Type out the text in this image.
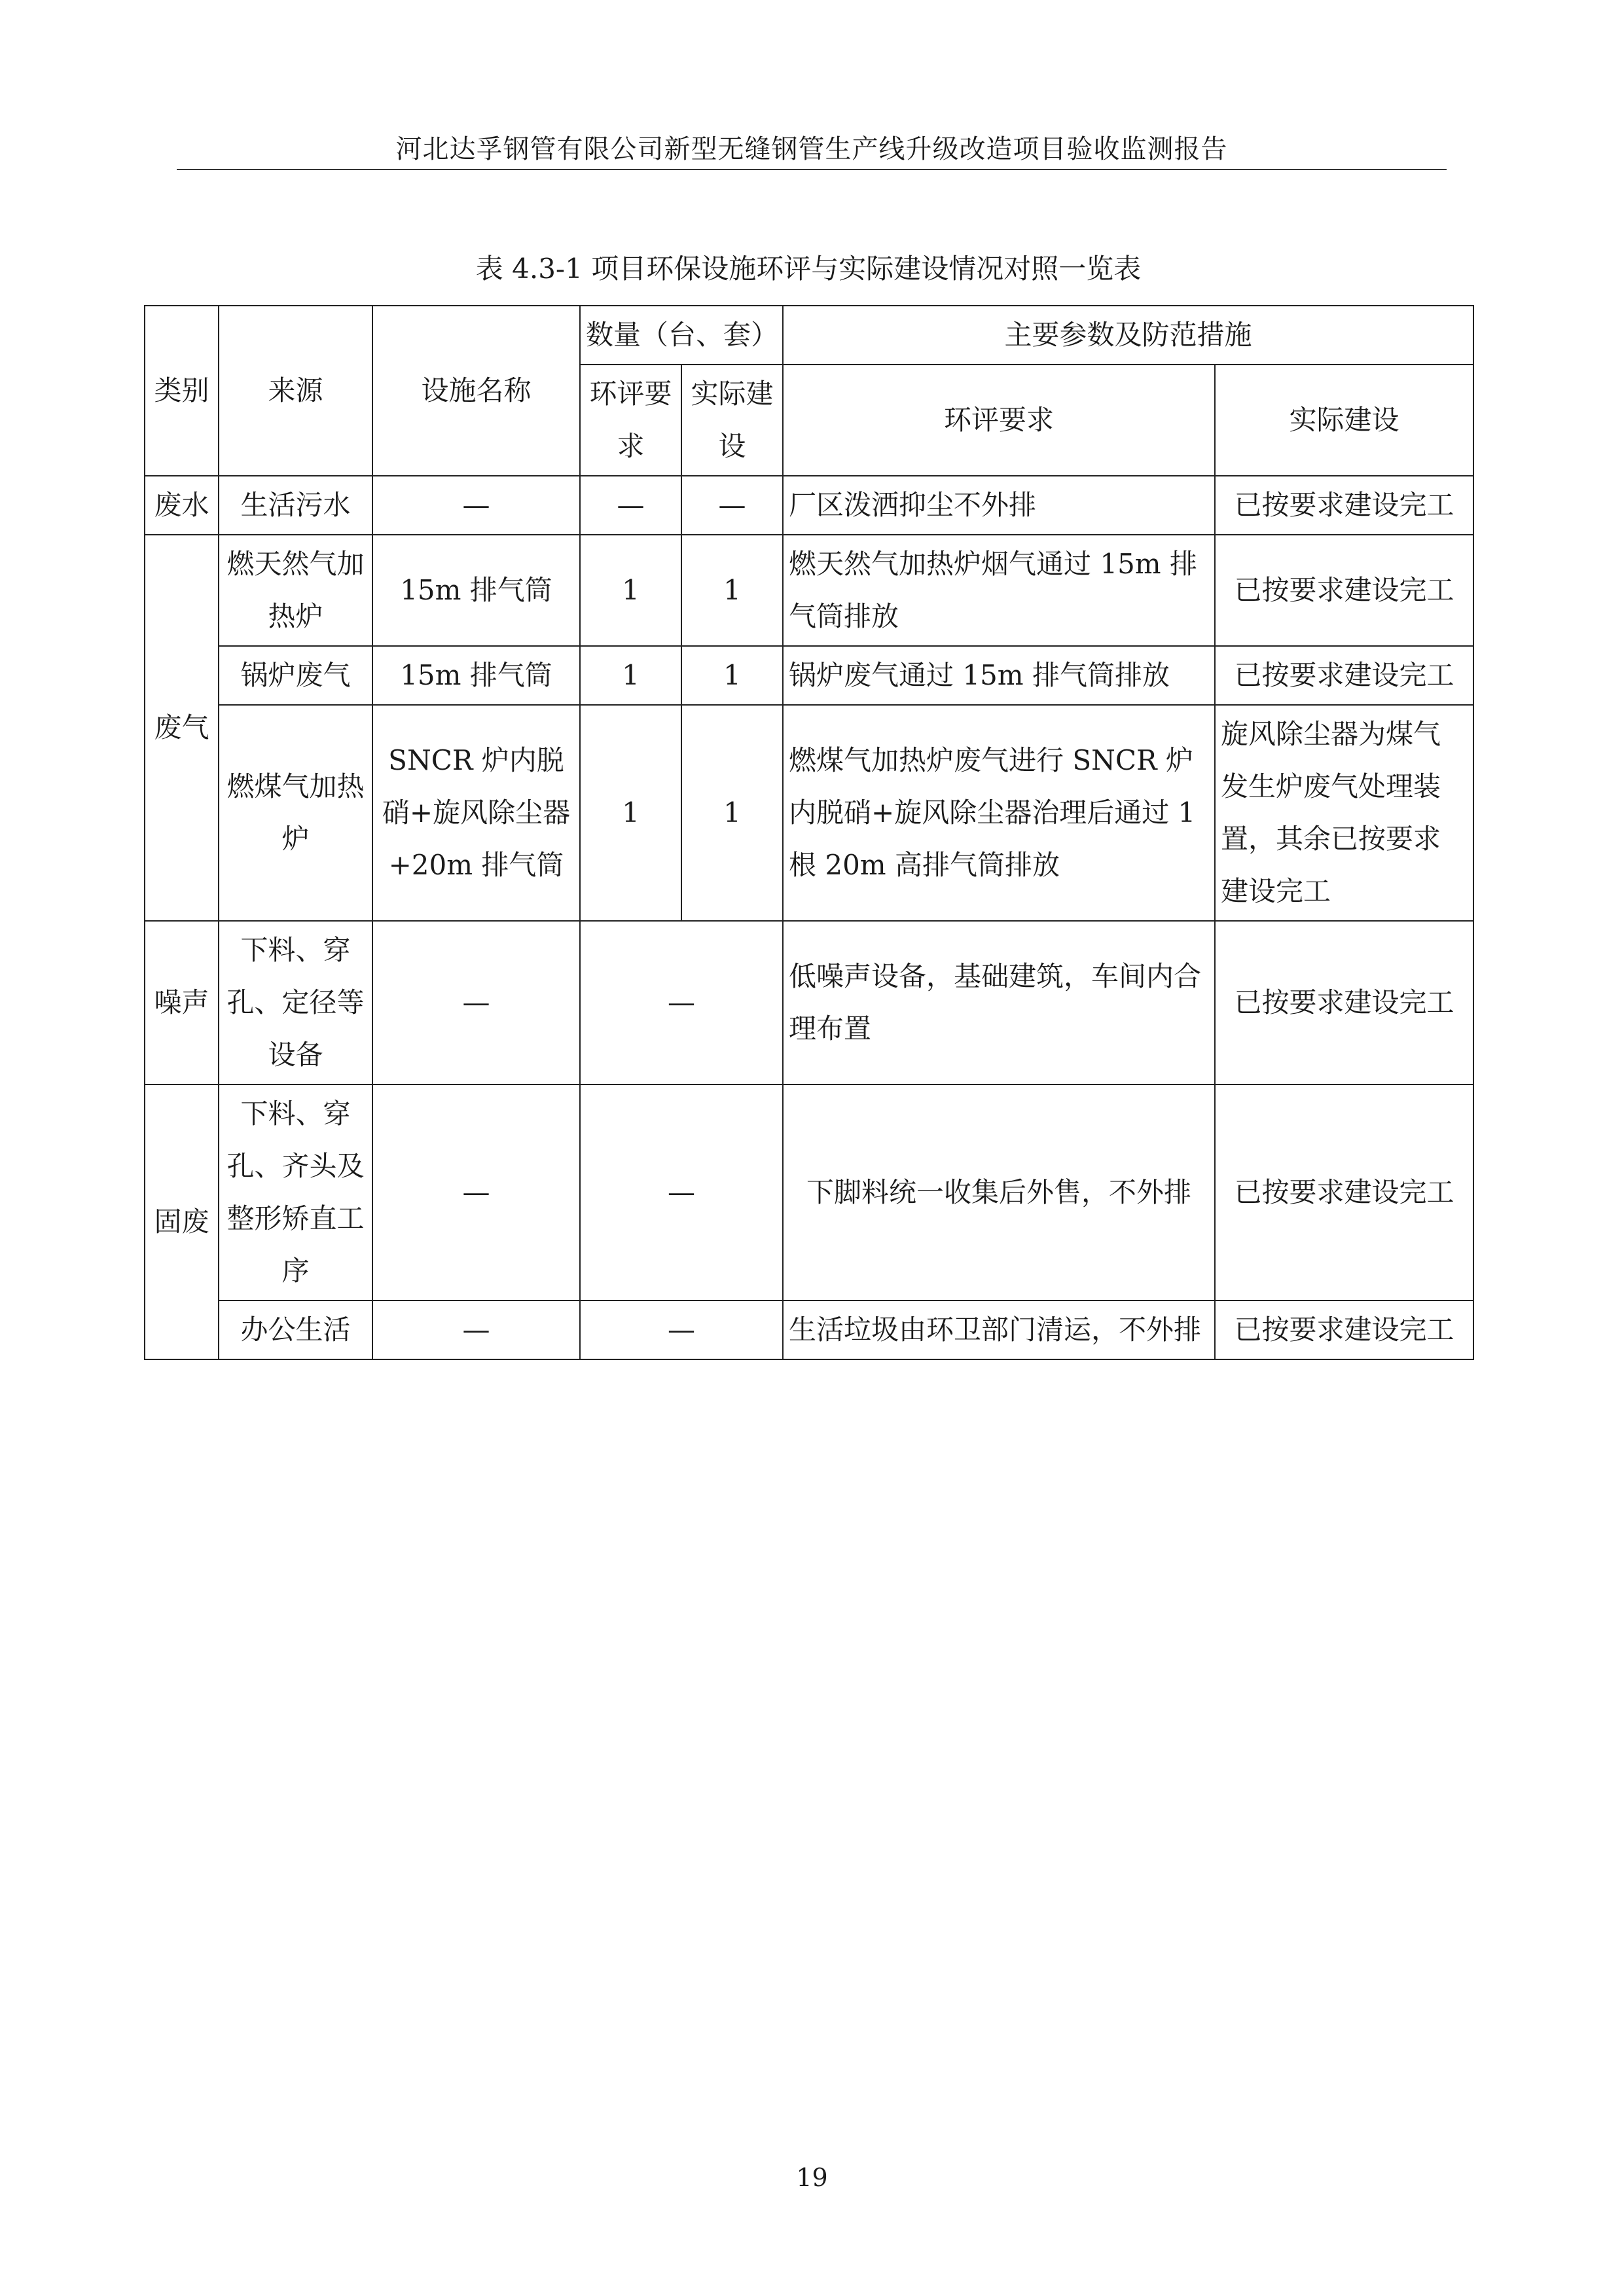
河北达孚钢管有限公司新型无缝钢管生产线升级改造项目验收监测报告
表 4.3-1 项目环保设施环评与实际建设情况对照一览表
类别	来源	设施名称	数量（台、套）		主要参数及防范措施	
			环评要求	实际建设	环评要求	实际建设
废水	生活污水	—	—	—	厂区泼洒抑尘不外排	已按要求建设完工
废气	燃天然气加热炉	15m 排气筒	1	1	燃天然气加热炉烟气通过 15m 排气筒排放	已按要求建设完工
	锅炉废气	15m 排气筒	1	1	锅炉废气通过 15m 排气筒排放	已按要求建设完工
	燃煤气加热炉	SNCR 炉内脱硝+旋风除尘器+20m 排气筒	1	1	燃煤气加热炉废气进行 SNCR 炉内脱硝+旋风除尘器治理后通过 1 根 20m 高排气筒排放	旋风除尘器为煤气发生炉废气处理装置，其余已按要求建设完工
噪声	下料、穿孔、定径等设备	—	—		低噪声设备，基础建筑，车间内合理布置	已按要求建设完工
固废	下料、穿孔、齐头及整形矫直工序	—	—		下脚料统一收集后外售，不外排	已按要求建设完工
	办公生活	—	—		生活垃圾由环卫部门清运，不外排	已按要求建设完工
19
